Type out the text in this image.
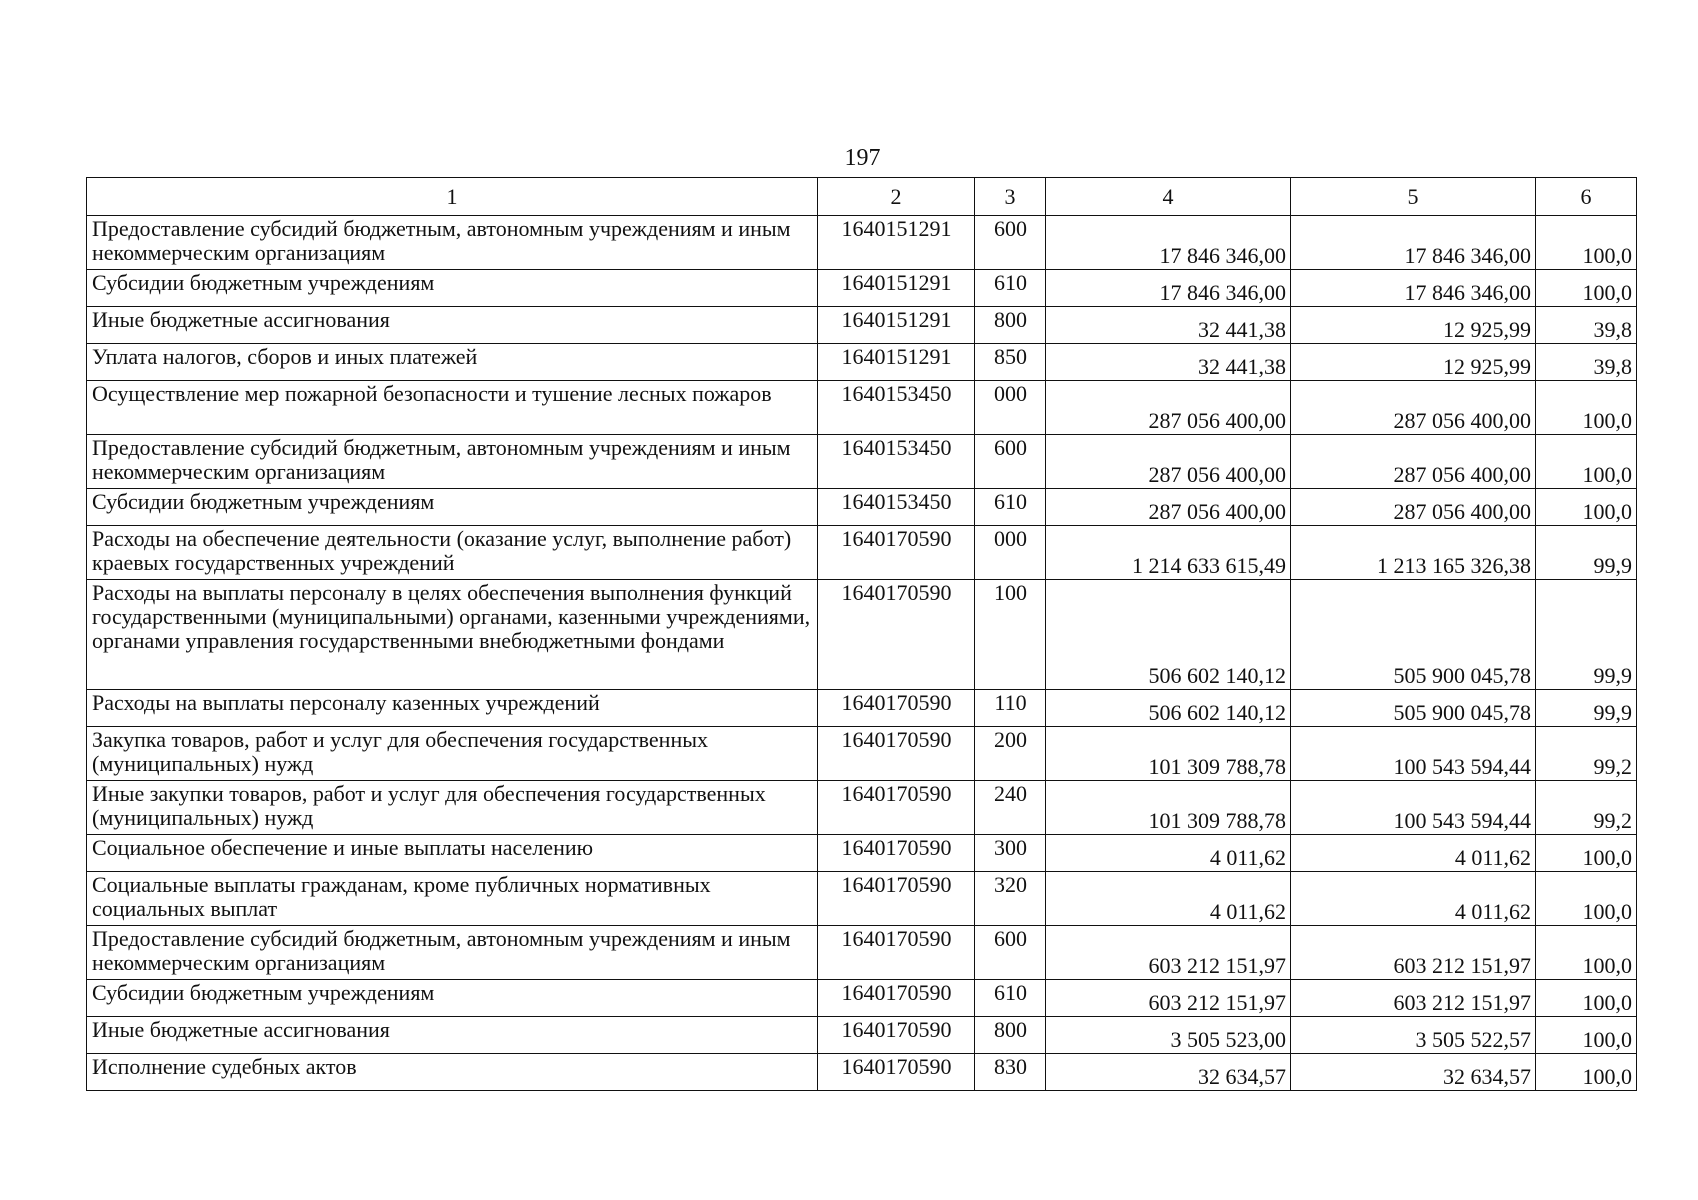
197
1	2	3	4	5	6
Предоставление субсидий бюджетным, автономным учреждениям и иным некоммерческим организациям	1640151291	600	17 846 346,00	17 846 346,00	100,0
Субсидии бюджетным учреждениям	1640151291	610	17 846 346,00	17 846 346,00	100,0
Иные бюджетные ассигнования	1640151291	800	32 441,38	12 925,99	39,8
Уплата налогов, сборов и иных платежей	1640151291	850	32 441,38	12 925,99	39,8
Осуществление мер пожарной безопасности и тушение лесных пожаров	1640153450	000	287 056 400,00	287 056 400,00	100,0
Предоставление субсидий бюджетным, автономным учреждениям и иным некоммерческим организациям	1640153450	600	287 056 400,00	287 056 400,00	100,0
Субсидии бюджетным учреждениям	1640153450	610	287 056 400,00	287 056 400,00	100,0
Расходы на обеспечение деятельности (оказание услуг, выполнение работ) краевых государственных учреждений	1640170590	000	1 214 633 615,49	1 213 165 326,38	99,9
Расходы на выплаты персоналу в целях обеспечения выполнения функций государственными (муниципальными) органами, казенными учреждениями, органами управления государственными внебюджетными фондами	1640170590	100	506 602 140,12	505 900 045,78	99,9
Расходы на выплаты персоналу казенных учреждений	1640170590	110	506 602 140,12	505 900 045,78	99,9
Закупка товаров, работ и услуг для обеспечения государственных (муниципальных) нужд	1640170590	200	101 309 788,78	100 543 594,44	99,2
Иные закупки товаров, работ и услуг для обеспечения государственных (муниципальных) нужд	1640170590	240	101 309 788,78	100 543 594,44	99,2
Социальное обеспечение и иные выплаты населению	1640170590	300	4 011,62	4 011,62	100,0
Социальные выплаты гражданам, кроме публичных нормативных социальных выплат	1640170590	320	4 011,62	4 011,62	100,0
Предоставление субсидий бюджетным, автономным учреждениям и иным некоммерческим организациям	1640170590	600	603 212 151,97	603 212 151,97	100,0
Субсидии бюджетным учреждениям	1640170590	610	603 212 151,97	603 212 151,97	100,0
Иные бюджетные ассигнования	1640170590	800	3 505 523,00	3 505 522,57	100,0
Исполнение судебных актов	1640170590	830	32 634,57	32 634,57	100,0
